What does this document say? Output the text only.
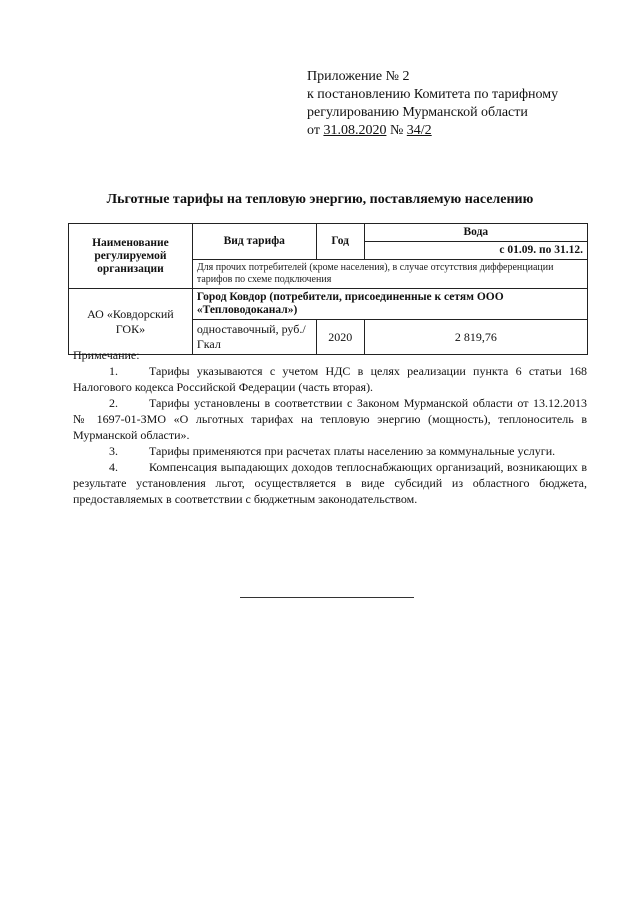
Приложение № 2
к постановлению Комитета по тарифному
регулированию Мурманской области
от 31.08.2020 № 34/2
Льготные тарифы на тепловую энергию, поставляемую населению
Наименование регулируемой организации	Вид тарифа	Год	Вода
			с 01.09. по 31.12.
	Для прочих потребителей (кроме населения), в случае отсутствия дифференциации тарифов по схеме подключения		
АО «Ковдорский ГОК»	Город Ковдор (потребители, присоединенные к сетям ООО «Тепловодоканал»)		
	одноставочный, руб./Гкал	2020	2 819,76

Примечание:

1.	Тарифы указываются с учетом НДС в целях реализации пункта 6 статьи 168 Налогового кодекса Российской Федерации (часть вторая).

2.	Тарифы установлены в соответствии с Законом Мурманской области от 13.12.2013 № 1697-01-ЗМО «О льготных тарифах на тепловую энергию (мощность), теплоноситель в Мурманской области».

3.	Тарифы применяются при расчетах платы населению за коммунальные услуги.

4.	Компенсация выпадающих доходов теплоснабжающих организаций, возникающих в результате установления льгот, осуществляется в виде субсидий из областного бюджета, предоставляемых в соответствии с бюджетным законодательством.
